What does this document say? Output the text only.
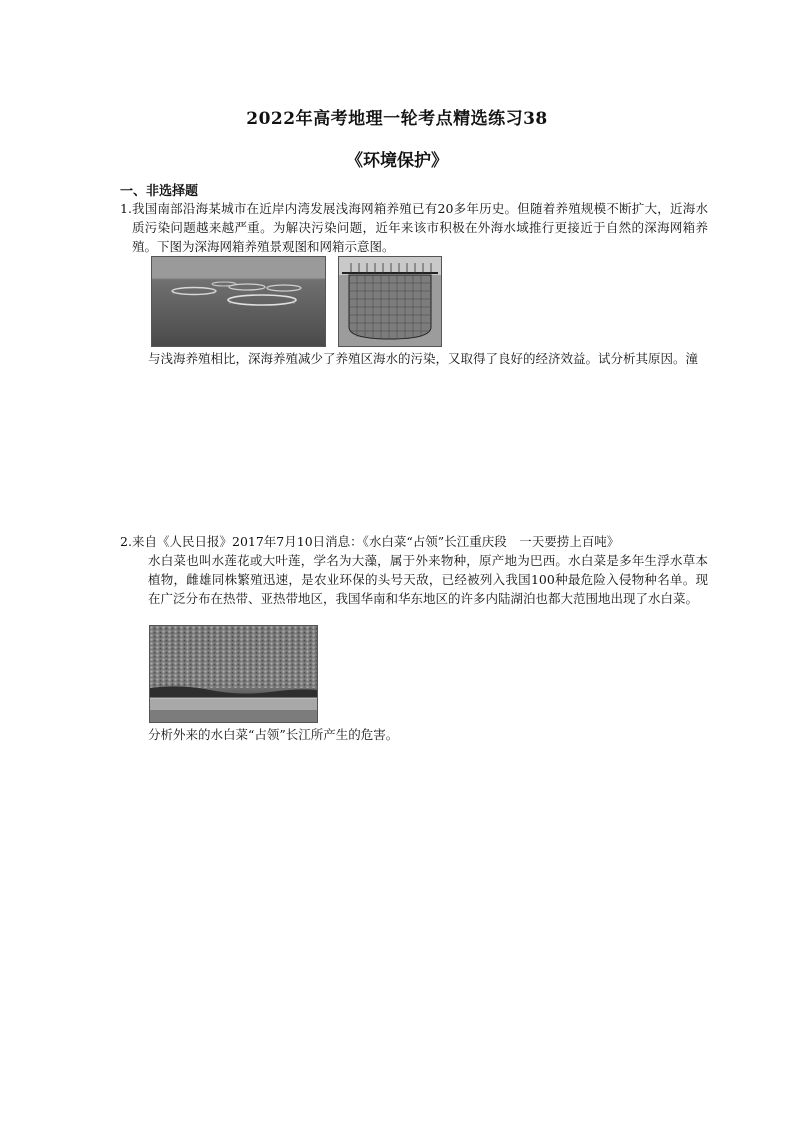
2022年高考地理一轮考点精选练习38
《环境保护》
一、非选择题
1. 我国南部沿海某城市在近岸内湾发展浅海网箱养殖已有20多年历史。但随着养殖规模不断扩大，近海水质污染问题越来越严重。为解决污染问题，近年来该市积极在外海水域推行更接近于自然的深海网箱养殖。下图为深海网箱养殖景观图和网箱示意图。
与浅海养殖相比，深海养殖减少了养殖区海水的污染，又取得了良好的经济效益。试分析其原因。潼
2. 来自《人民日报》2017年7月10日消息：《水白菜“占领”长江重庆段　一天要捞上百吨》
水白菜也叫水莲花或大叶莲，学名为大藻，属于外来物种，原产地为巴西。水白菜是多年生浮水草本植物，雌雄同株繁殖迅速，是农业环保的头号天敌，已经被列入我国100种最危险入侵物种名单。现在广泛分布在热带、亚热带地区，我国华南和华东地区的许多内陆湖泊也都大范围地出现了水白菜。
分析外来的水白菜“占领”长江所产生的危害。
